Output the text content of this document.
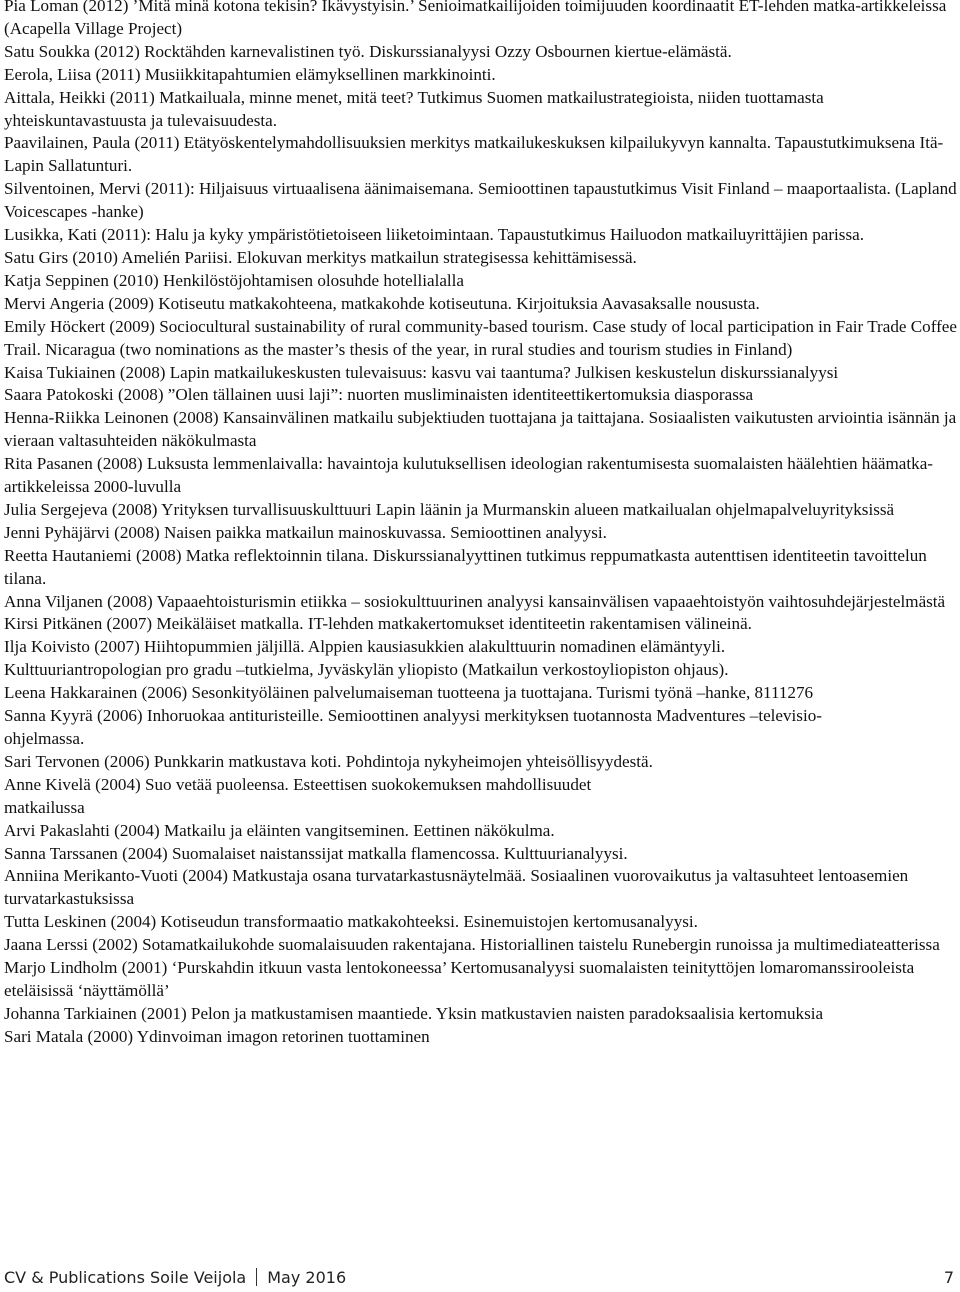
Pia Loman (2012) ’Mitä minä kotona tekisin? Ikävystyisin.’ Senioimatkailijoiden toimijuuden koordinaatit ET-lehden matka-artikkeleissa (Acapella Village Project)

Satu Soukka (2012) Rocktähden karnevalistinen työ. Diskurssianalyysi Ozzy Osbournen kiertue-elämästä.

Eerola, Liisa (2011) Musiikkitapahtumien elämyksellinen markkinointi.

Aittala, Heikki (2011) Matkailuala, minne menet, mitä teet? Tutkimus Suomen matkailustrategioista, niiden tuottamasta yhteiskuntavastuusta ja tulevaisuudesta.

Paavilainen, Paula (2011) Etätyöskentelymahdollisuuksien merkitys matkailukeskuksen kilpailukyvyn kannalta. Tapaustutkimuksena Itä-Lapin Sallatunturi.

Silventoinen, Mervi (2011): Hiljaisuus virtuaalisena äänimaisemana. Semioottinen tapaustutkimus Visit Finland – maaportaalista. (Lapland Voicescapes -hanke)

Lusikka, Kati (2011): Halu ja kyky ympäristötietoiseen liiketoimintaan. Tapaustutkimus Hailuodon matkailuyrittäjien parissa.

Satu Girs (2010) Amelién Pariisi. Elokuvan merkitys matkailun strategisessa kehittämisessä.

Katja Seppinen (2010) Henkilöstöjohtamisen olosuhde hotellialalla

Mervi Angeria (2009) Kotiseutu matkakohteena, matkakohde kotiseutuna. Kirjoituksia Aavasaksalle noususta.

Emily Höckert (2009) Sociocultural sustainability of rural community-based tourism. Case study of local participation in Fair Trade Coffee Trail. Nicaragua (two nominations as the master’s thesis of the year, in rural studies and tourism studies in Finland)

Kaisa Tukiainen (2008) Lapin matkailukeskusten tulevaisuus: kasvu vai taantuma? Julkisen keskustelun diskurssianalyysi

Saara Patokoski (2008) ”Olen tällainen uusi laji”: nuorten musliminaisten identiteettikertomuksia diasporassa

Henna-Riikka Leinonen (2008) Kansainvälinen matkailu subjektiuden tuottajana ja taittajana. Sosiaalisten vaikutusten arviointia isännän ja vieraan valtasuhteiden näkökulmasta

Rita Pasanen (2008) Luksusta lemmenlaivalla: havaintoja kulutuksellisen ideologian rakentumisesta suomalaisten häälehtien häämatka-artikkeleissa 2000-luvulla

Julia Sergejeva (2008) Yrityksen turvallisuuskulttuuri Lapin läänin ja Murmanskin alueen matkailualan ohjelmapalveluyrityksissä

Jenni Pyhäjärvi (2008) Naisen paikka matkailun mainoskuvassa. Semioottinen analyysi.

Reetta Hautaniemi (2008) Matka reflektoinnin tilana. Diskurssianalyyttinen tutkimus reppumatkasta autenttisen identiteetin tavoittelun tilana.

Anna Viljanen (2008) Vapaaehtoisturismin etiikka – sosiokulttuurinen analyysi kansainvälisen vapaaehtoistyön vaihtosuhdejärjestelmästä

Kirsi Pitkänen (2007) Meikäläiset matkalla. IT-lehden matkakertomukset identiteetin rakentamisen välineinä.

Ilja Koivisto (2007) Hiihtopummien jäljillä. Alppien kausiasukkien alakulttuurin nomadinen elämäntyyli.

Kulttuuriantropologian pro gradu –tutkielma, Jyväskylän yliopisto (Matkailun verkostoyliopiston ohjaus).

Leena Hakkarainen (2006) Sesonkityöläinen palvelumaiseman tuotteena ja tuottajana. Turismi työnä –hanke, 8111276

Sanna Kyyrä (2006) Inhoruokaa antituristeille. Semioottinen analyysi merkityksen tuotannosta Madventures –televisio-
ohjelmassa.

Sari Tervonen (2006) Punkkarin matkustava koti. Pohdintoja nykyheimojen yhteisöllisyydestä.

Anne Kivelä (2004) Suo vetää puoleensa. Esteettisen suokokemuksen mahdollisuudet
matkailussa

Arvi Pakaslahti (2004) Matkailu ja eläinten vangitseminen. Eettinen näkökulma.

Sanna Tarssanen (2004) Suomalaiset naistanssijat matkalla flamencossa. Kulttuurianalyysi.

Anniina Merikanto-Vuoti (2004) Matkustaja osana turvatarkastusnäytelmää. Sosiaalinen vuorovaikutus ja valtasuhteet lentoasemien turvatarkastuksissa

Tutta Leskinen (2004) Kotiseudun transformaatio matkakohteeksi. Esinemuistojen kertomusanalyysi.

Jaana Lerssi (2002) Sotamatkailukohde suomalaisuuden rakentajana. Historiallinen taistelu Runebergin runoissa ja multimediateatterissa

Marjo Lindholm (2001) ‘Purskahdin itkuun vasta lentokoneessa’ Kertomusanalyysi suomalaisten teinityttöjen lomaromanssirooleista eteläisissä ‘näyttämöllä’

Johanna Tarkiainen (2001) Pelon ja matkustamisen maantiede. Yksin matkustavien naisten paradoksaalisia kertomuksia

Sari Matala (2000) Ydinvoiman imagon retorinen tuottaminen

CV & Publications Soile Veijola May 2016	7
